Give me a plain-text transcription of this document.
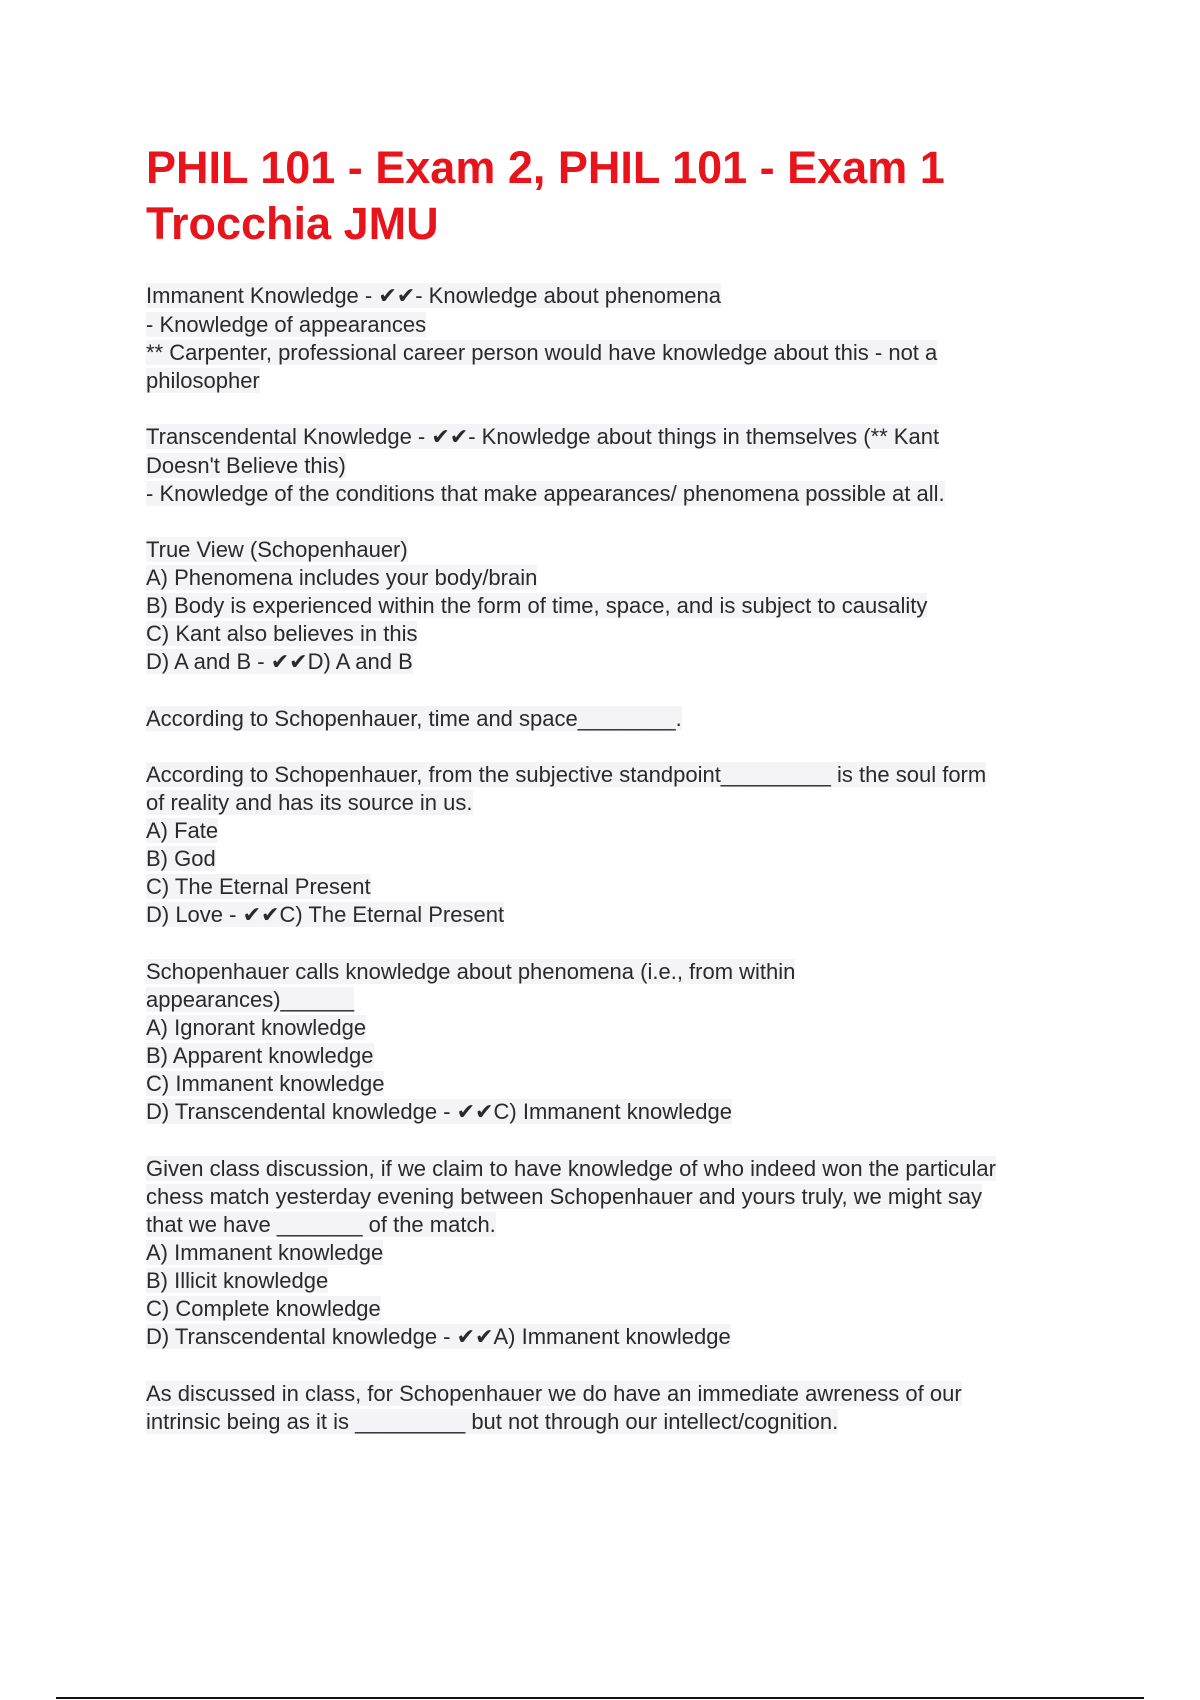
PHIL 101 - Exam 2, PHIL 101 - Exam 1
Trocchia JMU

Immanent Knowledge - ✔✔- Knowledge about phenomena

- Knowledge of appearances

** Carpenter, professional career person would have knowledge about this - not a

philosopher

Transcendental Knowledge - ✔✔- Knowledge about things in themselves (** Kant

Doesn't Believe this)

- Knowledge of the conditions that make appearances/ phenomena possible at all.

True View (Schopenhauer)

A) Phenomena includes your body/brain

B) Body is experienced within the form of time, space, and is subject to causality

C) Kant also believes in this

D) A and B - ✔✔D) A and B

According to Schopenhauer, time and space________.

According to Schopenhauer, from the subjective standpoint_________ is the soul form

of reality and has its source in us.

A) Fate

B) God

C) The Eternal Present

D) Love - ✔✔C) The Eternal Present

Schopenhauer calls knowledge about phenomena (i.e., from within

appearances)______

A) Ignorant knowledge

B) Apparent knowledge

C) Immanent knowledge

D) Transcendental knowledge - ✔✔C) Immanent knowledge

Given class discussion, if we claim to have knowledge of who indeed won the particular

chess match yesterday evening between Schopenhauer and yours truly, we might say

that we have _______ of the match.

A) Immanent knowledge

B) Illicit knowledge

C) Complete knowledge

D) Transcendental knowledge - ✔✔A) Immanent knowledge

As discussed in class, for Schopenhauer we do have an immediate awreness of our

intrinsic being as it is _________ but not through our intellect/cognition.
